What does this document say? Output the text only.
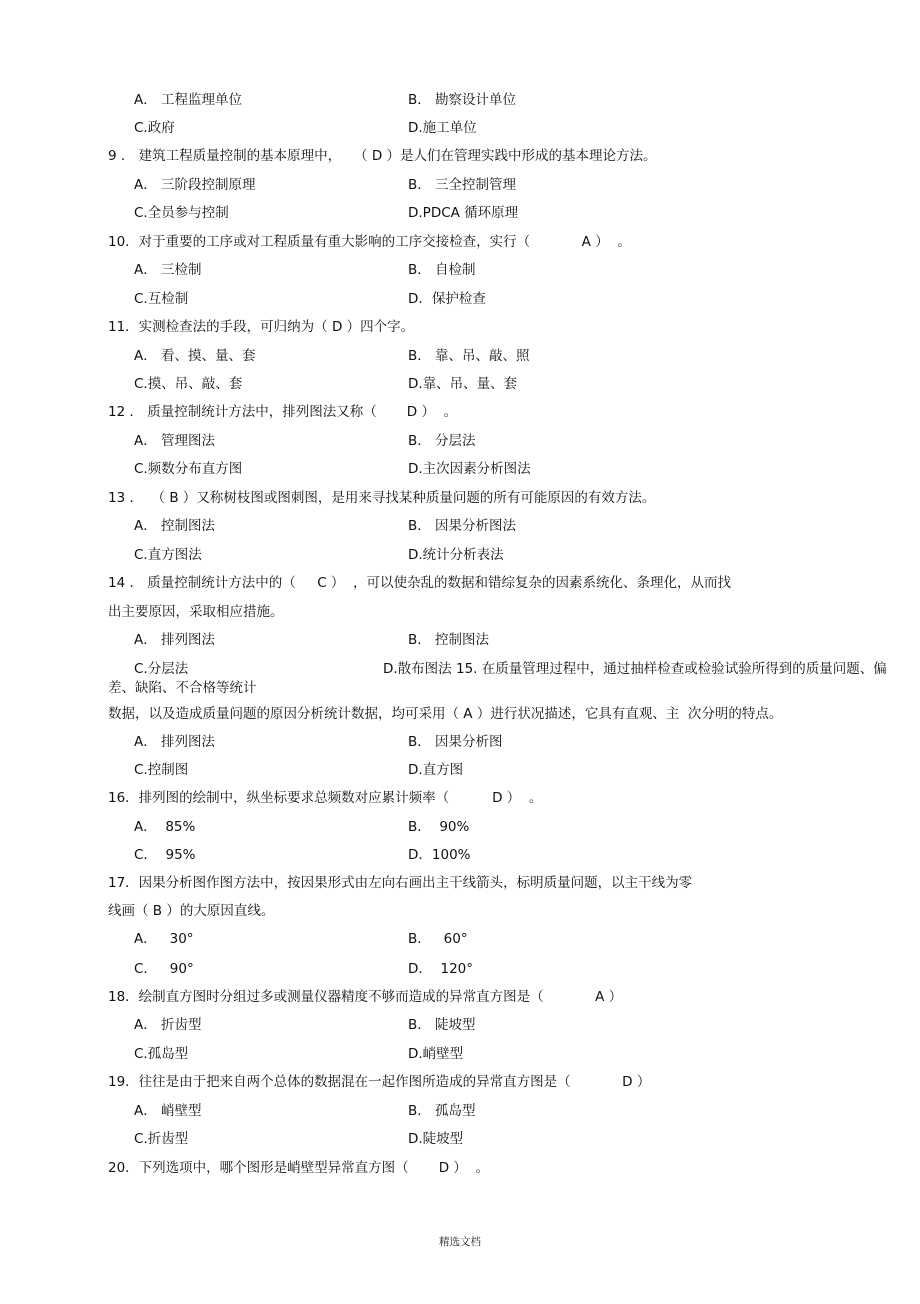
A． 工程监理单位	B． 勘察设计单位
C.政府	D.施工单位
9 ． 建筑工程质量控制的基本原理中，   （ D ）是人们在管理实践中形成的基本理论方法。
A． 三阶段控制原理	B． 三全控制管理
C.全员参与控制	D.PDCA 循环原理
10．对于重要的工序或对工程质量有重大影响的工序交接检查，实行（            A ）  。
A． 三检制	B． 自检制
C.互检制	D．保护检查
11．实测检查法的手段，可归纳为（ D ）四个字。
A． 看、摸、量、套	B． 靠、吊、敲、照
C.摸、吊、敲、套	D.靠、吊、量、套
12 ． 质量控制统计方法中，排列图法又称（       D ）  。
A． 管理图法	B． 分层法
C.频数分布直方图	D.主次因素分析图法
13 ．  （ B ）又称树枝图或图刺图，是用来寻找某种质量问题的所有可能原因的有效方法。
A． 控制图法	B． 因果分析图法
C.直方图法	D.统计分析表法
14 ． 质量控制统计方法中的（     C ）  ，可以使杂乱的数据和错综复杂的因素系统化、条理化，从而找
出主要原因，采取相应措施。
A． 排列图法	B． 控制图法
C.分层法	D.散布图法 15. 在质量管理过程中，通过抽样检查或检验试验所得到的质量问题、偏
差、缺陷、不合格等统计
数据，以及造成质量问题的原因分析统计数据，均可采用（ A ）进行状况描述，它具有直观、主  次分明的特点。
A． 排列图法	B． 因果分析图
C.控制图	D.直方图
16．排列图的绘制中，纵坐标要求总频数对应累计频率（          D ）  。
A．  85%	B．  90%
C．  95%	D．100%
17．因果分析图作图方法中，按因果形式由左向右画出主干线箭头，标明质量问题，以主干线为零
线画（ B ）的大原因直线。
A．   30°	B．   60°
C．   90°	D．  120°
18．绘制直方图时分组过多或测量仪器精度不够而造成的异常直方图是（            A ）
A． 折齿型	B． 陡坡型
C.孤岛型	D.峭壁型
19．往往是由于把来自两个总体的数据混在一起作图所造成的异常直方图是（            D ）
A． 峭壁型	B． 孤岛型
C.折齿型	D.陡坡型
20．下列选项中，哪个图形是峭壁型异常直方图（       D ）  。
精选文档
